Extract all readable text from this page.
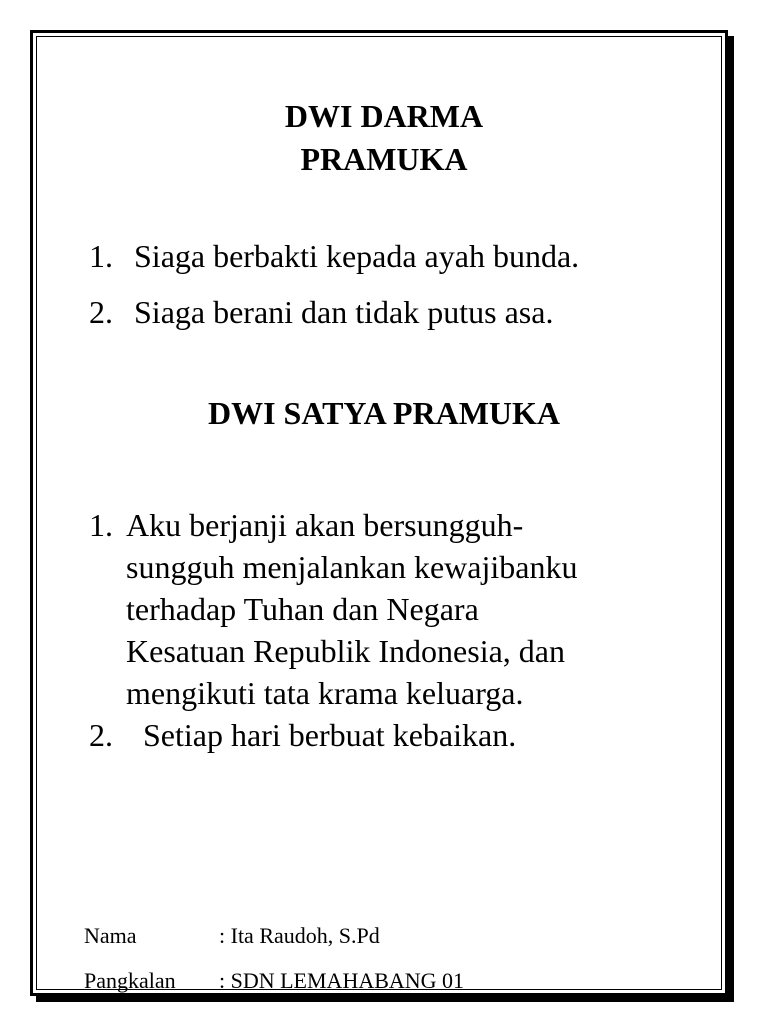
DWI DARMA
PRAMUKA
1. Siaga berbakti kepada ayah bunda.
2. Siaga berani dan tidak putus asa.
DWI SATYA PRAMUKA
1. Aku berjanji akan bersungguh-
sungguh menjalankan kewajibanku
terhadap Tuhan dan Negara
Kesatuan Republik Indonesia, dan
mengikuti tata krama keluarga.
2. Setiap hari berbuat kebaikan.
Nama	: Ita Raudoh, S.Pd
Pangkalan : SDN LEMAHABANG 01
